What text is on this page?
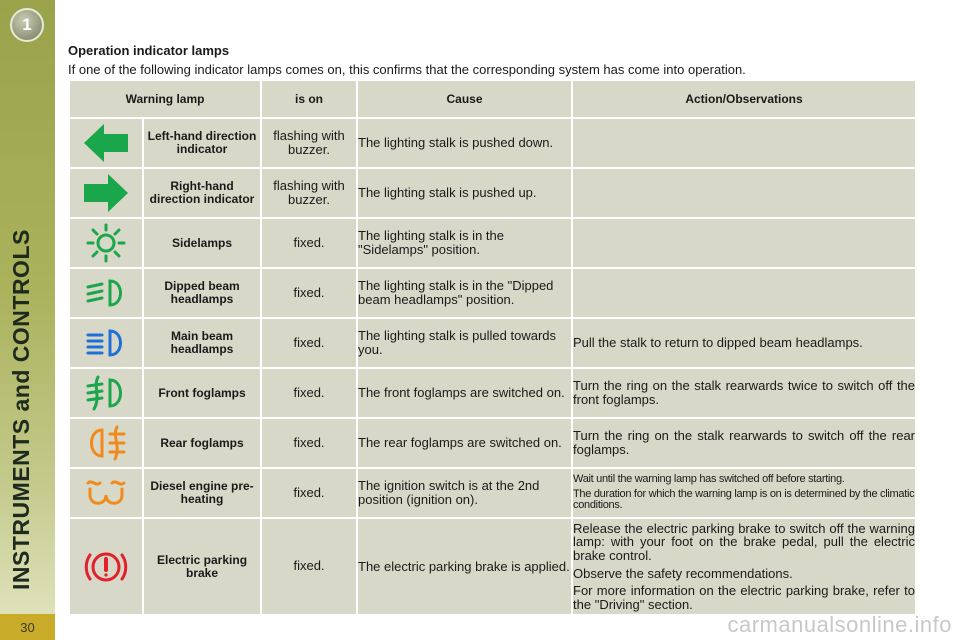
1
INSTRUMENTS and CONTROLS
30
Operation indicator lamps

If one of the following indicator lamps comes on, this confirms that the corresponding system has come into operation.

Warning lamp		is on	Cause	Action/Observations

	Left-hand direction indicator	flashing with buzzer.	The lighting stalk is pushed down.	

	Right-hand direction indicator	flashing with buzzer.	The lighting stalk is pushed up.	

	Sidelamps	fixed.	The lighting stalk is in the "Sidelamps" position.	

	Dipped beam headlamps	fixed.	The lighting stalk is in the "Dipped beam headlamps" position.	

	Main beam headlamps	fixed.	The lighting stalk is pulled towards you.	Pull the stalk to return to dipped beam headlamps.

	Front foglamps	fixed.	The front foglamps are switched on.	Turn the ring on the stalk rearwards twice to switch off the front foglamps.

	Rear foglamps	fixed.	The rear foglamps are switched on.	Turn the ring on the stalk rearwards to switch off the rear foglamps.

	Diesel engine pre-heating	fixed.	The ignition switch is at the 2nd position (ignition on).	Wait until the warning lamp has switched off before starting.

The duration for which the warning lamp is on is determined by the climatic conditions.

	Electric parking brake	fixed.	The electric parking brake is applied.	Release the electric parking brake to switch off the warning lamp: with your foot on the brake pedal, pull the electric brake control.

Observe the safety recommendations.

For more information on the electric parking brake, refer to the "Driving" section.

carmanualsonline.info
